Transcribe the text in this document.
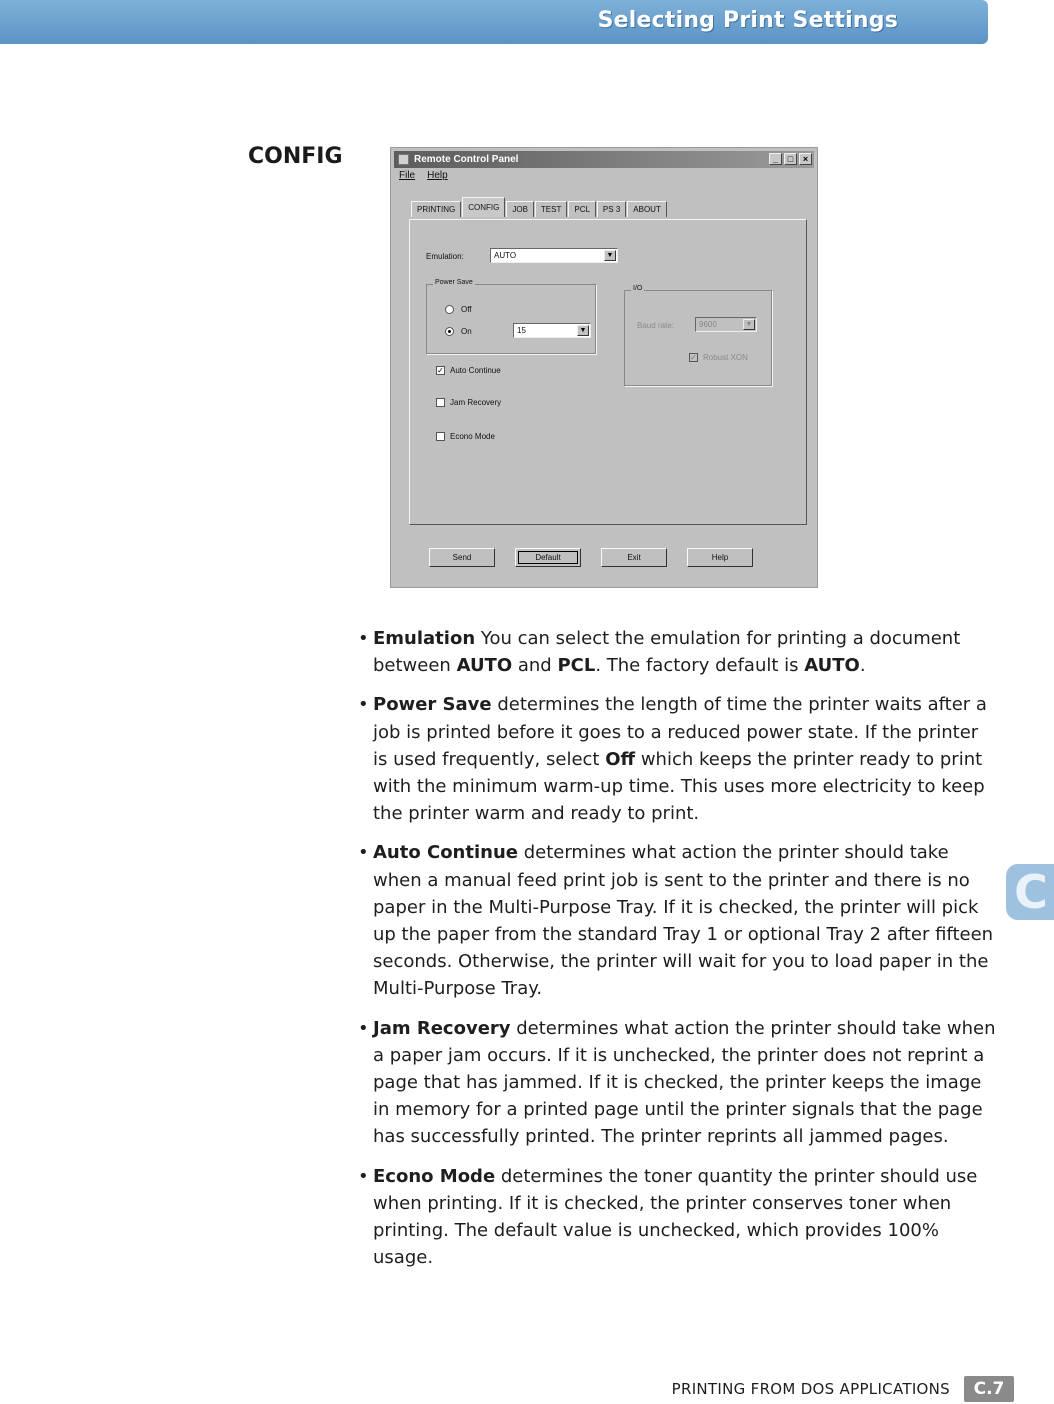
Selecting Print Settings
CONFIG	Remote Control Panel	_	□	×
File Help
PRINTING	CONFIG	JOB	TEST	PCL	PS 3	ABOUT
Emulation:	AUTO	▼
Power Save
Off
On	15	▼
I/O
Baud rate:	9600	▼
✓ Robust XON
✓ Auto Continue
Jam Recovery
Econo Mode
Send	Default	Exit	Help
• Emulation You can select the emulation for printing a document between AUTO and PCL. The factory default is AUTO.
• Power Save determines the length of time the printer waits after a job is printed before it goes to a reduced power state. If the printer is used frequently, select Off which keeps the printer ready to print with the minimum warm-up time. This uses more electricity to keep the printer warm and ready to print.
• Auto Continue determines what action the printer should take when a manual feed print job is sent to the printer and there is no paper in the Multi-Purpose Tray. If it is checked, the printer will pick up the paper from the standard Tray 1 or optional Tray 2 after fifteen seconds. Otherwise, the printer will wait for you to load paper in the Multi-Purpose Tray.
• Jam Recovery determines what action the printer should take when a paper jam occurs. If it is unchecked, the printer does not reprint a page that has jammed. If it is checked, the printer keeps the image in memory for a printed page until the printer signals that the page has successfully printed. The printer reprints all jammed pages.
• Econo Mode determines the toner quantity the printer should use when printing. If it is checked, the printer conserves toner when printing. The default value is unchecked, which provides 100% usage.
C
PRINTING FROM DOS APPLICATIONS	C.7
